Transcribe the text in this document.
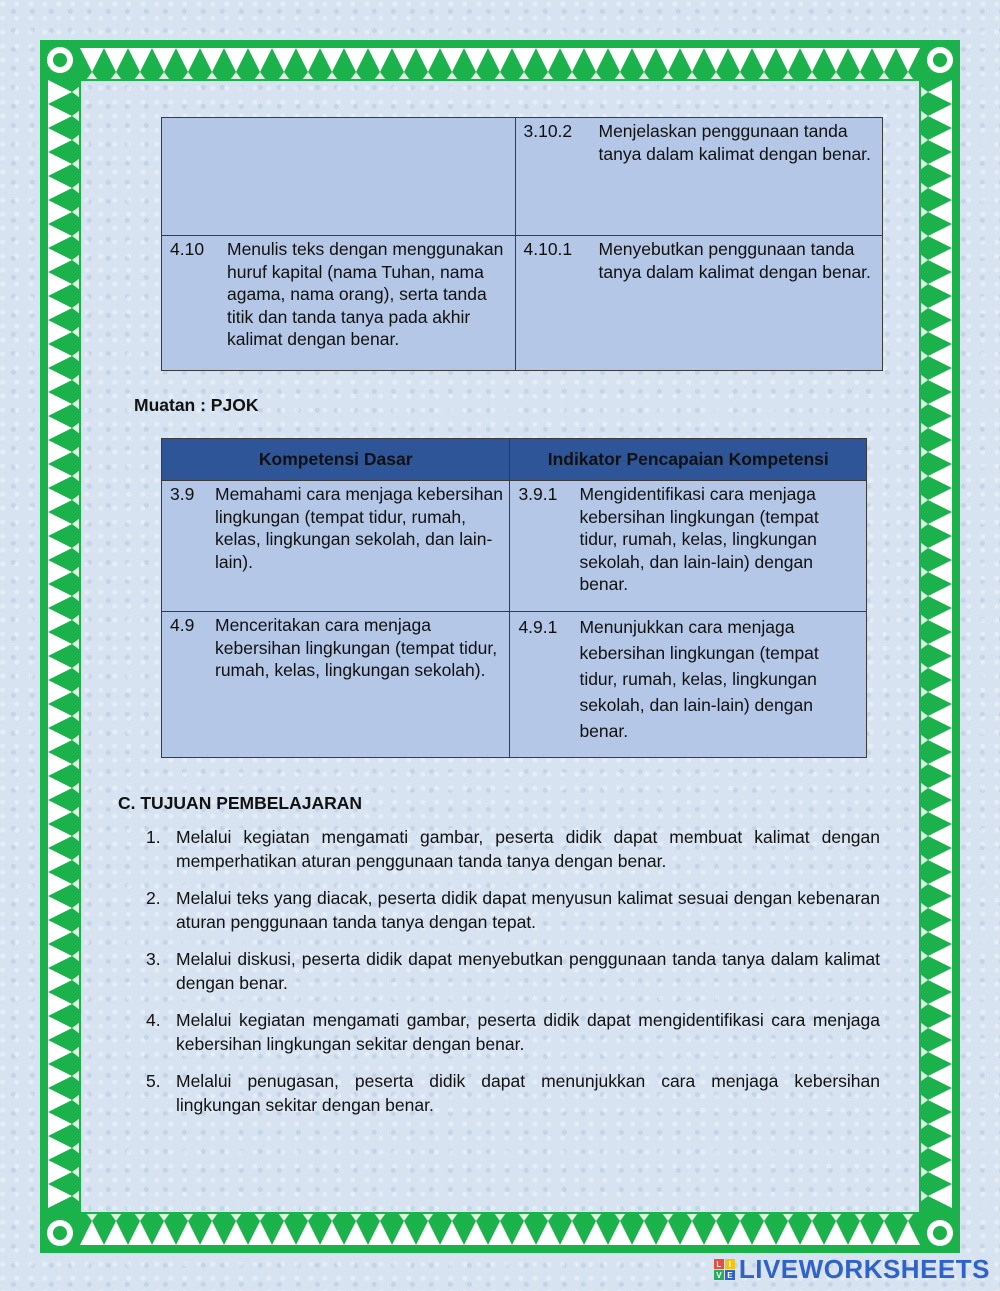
	3.10.2 Menjelaskan penggunaan tanda tanya dalam kalimat dengan benar.

4.10 Menulis teks dengan menggunakan huruf kapital (nama Tuhan, nama agama, nama orang), serta tanda titik dan tanda tanya pada akhir kalimat dengan benar.	4.10.1 Menyebutkan penggunaan tanda tanya dalam kalimat dengan benar.
Muatan : PJOK
Kompetensi Dasar	Indikator Pencapaian Kompetensi

3.9 Memahami cara menjaga kebersihan lingkungan (tempat tidur, rumah, kelas, lingkungan sekolah, dan lain-lain).	3.9.1 Mengidentifikasi cara menjaga kebersihan lingkungan (tempat tidur, rumah, kelas, lingkungan sekolah, dan lain-lain) dengan benar.

4.9 Menceritakan cara menjaga kebersihan lingkungan (tempat tidur, rumah, kelas, lingkungan sekolah).	4.9.1 Menunjukkan cara menjaga kebersihan lingkungan (tempat tidur, rumah, kelas, lingkungan sekolah, dan lain-lain) dengan benar.
C. TUJUAN PEMBELAJARAN
1. Melalui kegiatan mengamati gambar, peserta didik dapat membuat kalimat dengan memperhatikan aturan penggunaan tanda tanya dengan benar.
2. Melalui teks yang diacak, peserta didik dapat menyusun kalimat sesuai dengan kebenaran aturan penggunaan tanda tanya dengan tepat.
3. Melalui diskusi, peserta didik dapat menyebutkan penggunaan tanda tanya dalam kalimat dengan benar.
4. Melalui kegiatan mengamati gambar, peserta didik dapat mengidentifikasi cara menjaga kebersihan lingkungan sekitar dengan benar.
5. Melalui penugasan, peserta didik dapat menunjukkan cara menjaga kebersihan lingkungan sekitar dengan benar.
L I
V E LIVEWORKSHEETS
